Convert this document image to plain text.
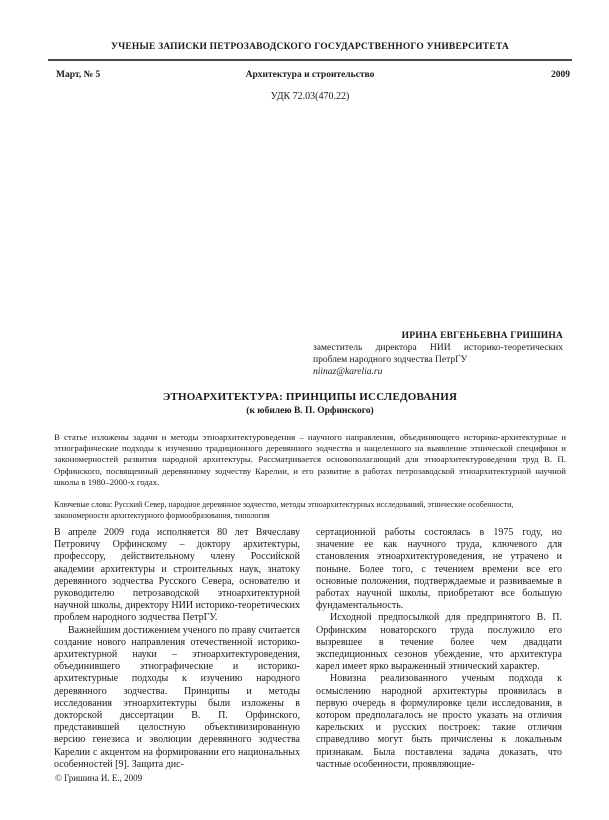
УЧЕНЫЕ ЗАПИСКИ ПЕТРОЗАВОДСКОГО ГОСУДАРСТВЕННОГО УНИВЕРСИТЕТА
Март, № 5	Архитектура и строительство	2009
УДК 72.03(470.22)
ИРИНА ЕВГЕНЬЕВНА ГРИШИНА
заместитель директора НИИ историко-теоретических проблем народного зодчества ПетрГУ
niinaz@karelia.ru
ЭТНОАРХИТЕКТУРА: ПРИНЦИПЫ ИССЛЕДОВАНИЯ
(к юбилею В. П. Орфинского)
В статье изложены задачи и методы этноархитектуроведения – научного направления, объединяющего историко-архитектурные и этнографические подходы к изучению традиционного деревянного зодчества и нацеленного на выявление этнической специфики и закономерностей развития народной архитектуры. Рассматривается основополагающий для этноархитектуроведения труд В. П. Орфинского, посвященный деревянному зодчеству Карелии, и его развитие в работах петрозаводской этноархитектурной научной школы в 1980–2000-х годах.
Ключевые слова: Русский Север, народное деревянное зодчество, методы этноархитектурных исследований, этнические особенности, закономерности архитектурного формообразования, типология

В апреле 2009 года исполняется 80 лет Вячеславу Петровичу Орфинскому – доктору архитектуры, профессору, действительному члену Российской академии архитектуры и строительных наук, знатоку деревянного зодчества Русского Севера, основателю и руководителю петрозаводской этноархитектурной научной школы, директору НИИ историко-теоретических проблем народного зодчества ПетрГУ.

Важнейшим достижением ученого по праву считается создание нового направления отечественной историко-архитектурной науки – этноархитектуроведения, объединившего этнографические и историко-архитектурные подходы к изучению народного деревянного зодчества. Принципы и методы исследования этноархитектуры были изложены в докторской диссертации В. П. Орфинского, представившей целостную объективизированную версию генезиса и эволюции деревянного зодчества Карелии с акцентом на формировании его национальных особенностей [9]. Защита дис-

сертационной работы состоялась в 1975 году, но значение ее как научного труда, ключевого для становления этноархитектуроведения, не утрачено и поныне. Более того, с течением времени все его основные положения, подтверждаемые и развиваемые в работах научной школы, приобретают все большую фундаментальность.

Исходной предпосылкой для предпринятого В. П. Орфинским новаторского труда послужило его вызревшее в течение более чем двадцати экспедиционных сезонов убеждение, что архитектура карел имеет ярко выраженный этнический характер.

Новизна реализованного ученым подхода к осмыслению народной архитектуры проявилась в первую очередь в формулировке цели исследования, в котором предполагалось не просто указать на отличия карельских и русских построек: такие отличия справедливо могут быть причислены к локальным признакам. Была поставлена задача доказать, что частные особенности, проявляющие-

© Гришина И. Е., 2009
